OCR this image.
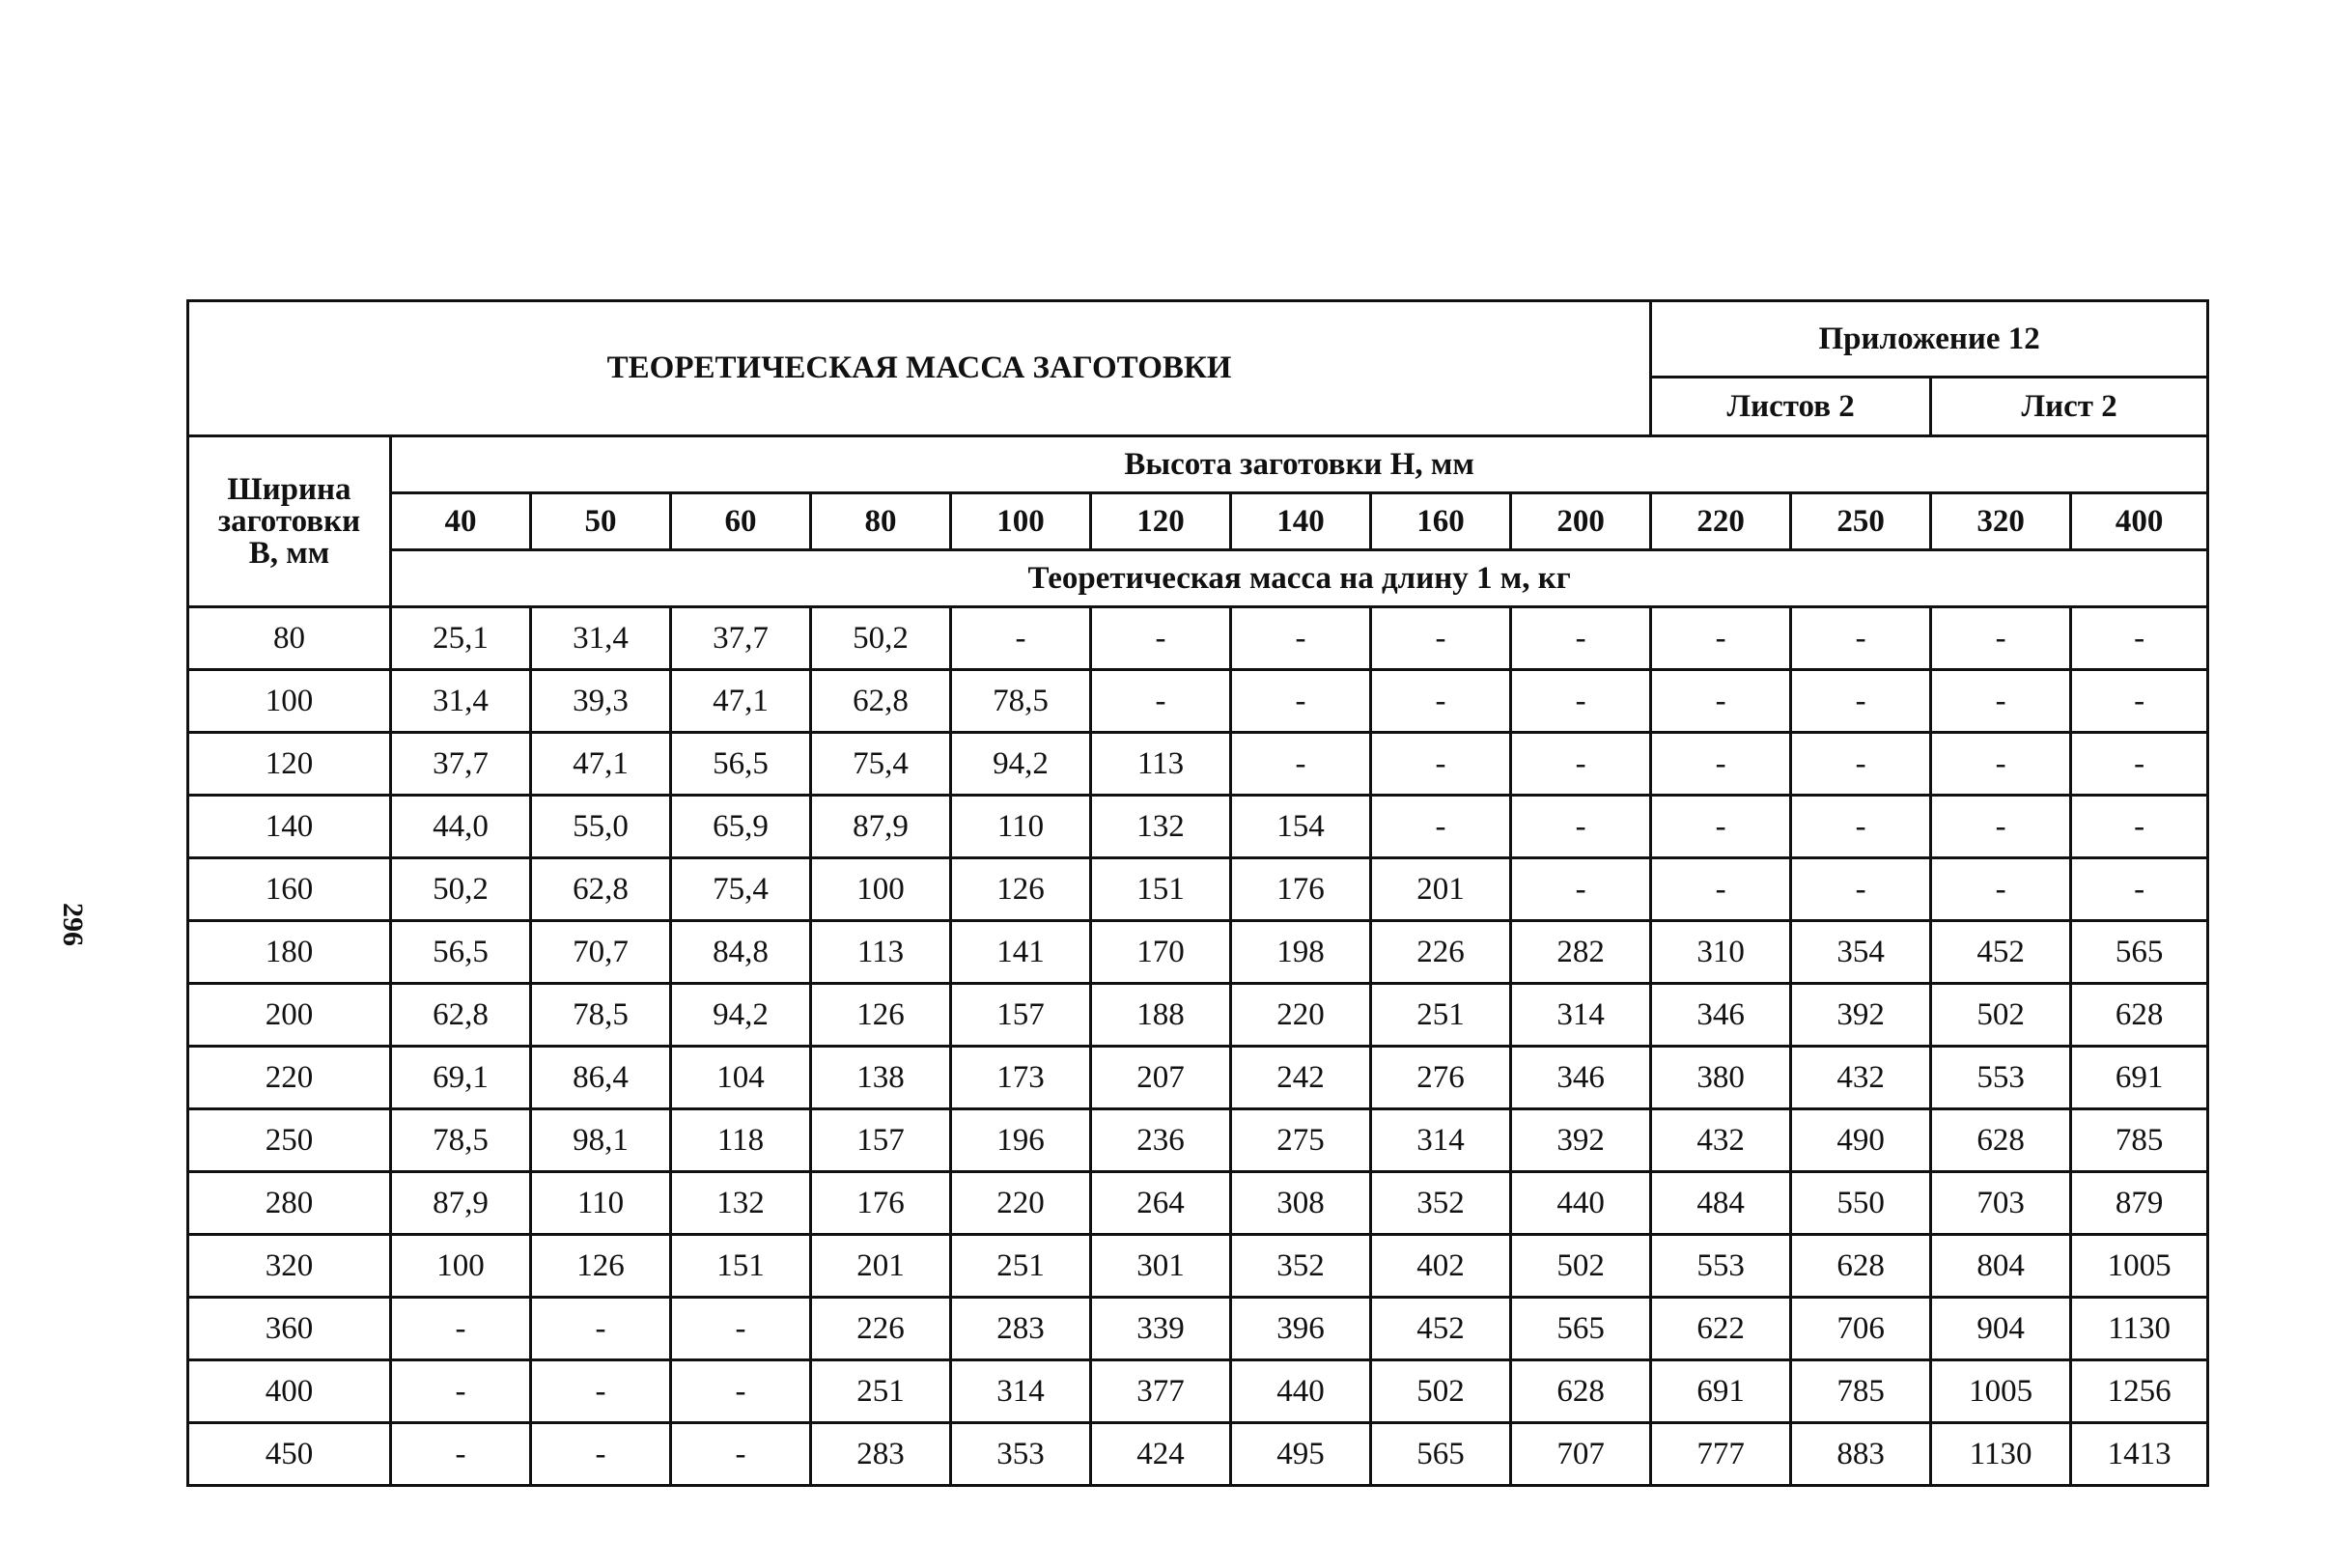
296
ТЕОРЕТИЧЕСКАЯ МАССА ЗАГОТОВКИ										Приложение 12			
										Листов 2		Лист 2	
Ширина
заготовки
В, мм	Высота заготовки Н, мм												
	40	50	60	80	100	120	140	160	200	220	250	320	400
	Теоретическая масса на длину 1 м, кг												
80	25,1	31,4	37,7	50,2	-	-	-	-	-	-	-	-	-
100	31,4	39,3	47,1	62,8	78,5	-	-	-	-	-	-	-	-
120	37,7	47,1	56,5	75,4	94,2	113	-	-	-	-	-	-	-
140	44,0	55,0	65,9	87,9	110	132	154	-	-	-	-	-	-
160	50,2	62,8	75,4	100	126	151	176	201	-	-	-	-	-
180	56,5	70,7	84,8	113	141	170	198	226	282	310	354	452	565
200	62,8	78,5	94,2	126	157	188	220	251	314	346	392	502	628
220	69,1	86,4	104	138	173	207	242	276	346	380	432	553	691
250	78,5	98,1	118	157	196	236	275	314	392	432	490	628	785
280	87,9	110	132	176	220	264	308	352	440	484	550	703	879
320	100	126	151	201	251	301	352	402	502	553	628	804	1005
360	-	-	-	226	283	339	396	452	565	622	706	904	1130
400	-	-	-	251	314	377	440	502	628	691	785	1005	1256
450	-	-	-	283	353	424	495	565	707	777	883	1130	1413
